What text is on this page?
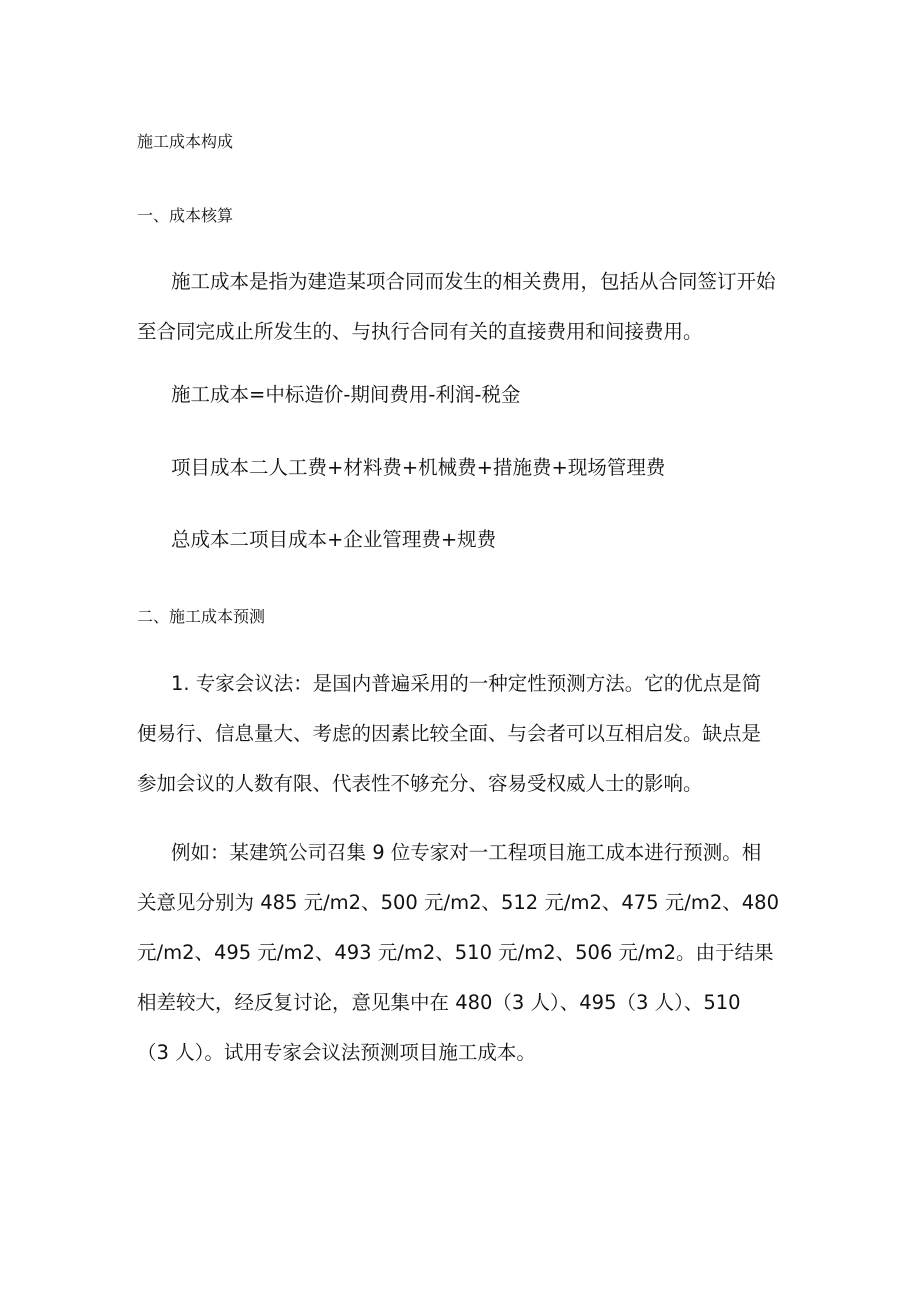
施工成本构成
一、成本核算
施工成本是指为建造某项合同而发生的相关费用，包括从合同签订开始
至合同完成止所发生的、与执行合同有关的直接费用和间接费用。
施工成本=中标造价-期间费用-利润-税金
项目成本二人工费+材料费+机械费+措施费+现场管理费
总成本二项目成本+企业管理费+规费
二、施工成本预测
1. 专家会议法：是国内普遍采用的一种定性预测方法。它的优点是简
便易行、信息量大、考虑的因素比较全面、与会者可以互相启发。缺点是
参加会议的人数有限、代表性不够充分、容易受权威人士的影响。
例如：某建筑公司召集 9 位专家对一工程项目施工成本进行预测。相
关意见分别为 485 元/m2、500 元/m2、512 元/m2、475 元/m2、480
元/m2、495 元/m2、493 元/m2、510 元/m2、506 元/m2。由于结果
相差较大，经反复讨论，意见集中在 480（3 人）、495（3 人）、510
（3 人）。试用专家会议法预测项目施工成本。
